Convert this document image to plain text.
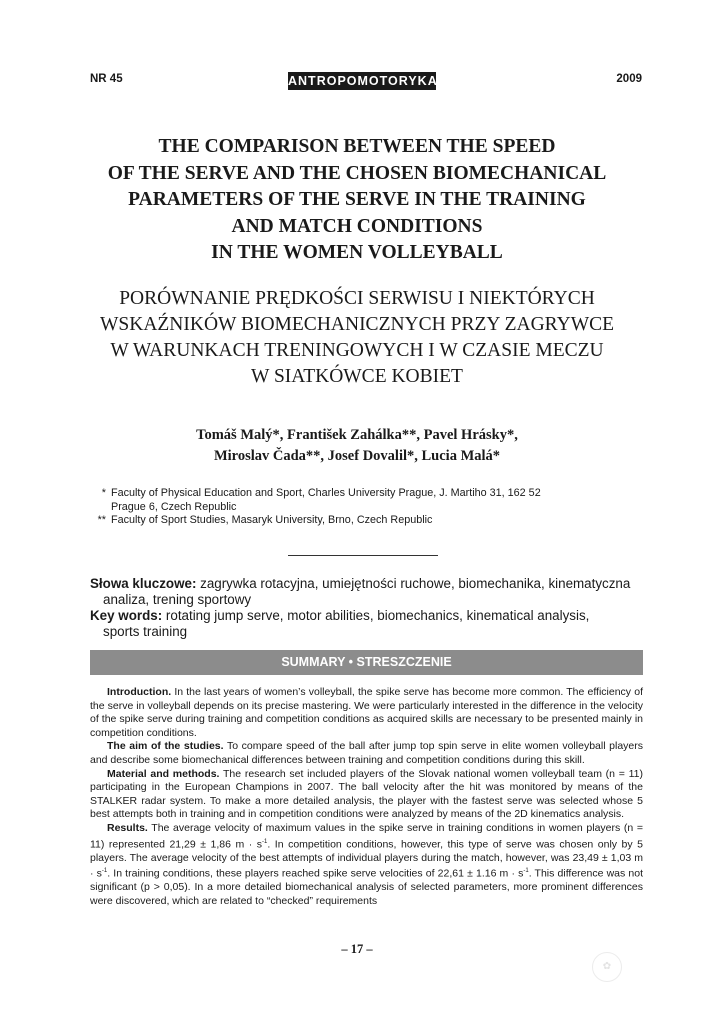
NR 45	ANTROPOMOTORYKA	2009
THE COMPARISON BETWEEN THE SPEED
OF THE SERVE AND THE CHOSEN BIOMECHANICAL
PARAMETERS OF THE SERVE IN THE TRAINING
AND MATCH CONDITIONS
IN THE WOMEN VOLLEYBALL
PORÓWNANIE PRĘDKOŚCI SERWISU I NIEKTÓRYCH
WSKAŹNIKÓW BIOMECHANICZNYCH PRZY ZAGRYWCE
W WARUNKACH TRENINGOWYCH I W CZASIE MECZU
W SIATKÓWCE KOBIET
Tomáš Malý*, František Zahálka**, Pavel Hrásky*,
Miroslav Čada**, Josef Dovalil*, Lucia Malá*
* Faculty of Physical Education and Sport, Charles University Prague, J. Martiho 31, 162 52
Prague 6, Czech Republic
** Faculty of Sport Studies, Masaryk University, Brno, Czech Republic
Słowa kluczowe: zagrywka rotacyjna, umiejętności ruchowe, biomechanika, kinematyczna
analiza, trening sportowy
Key words: rotating jump serve, motor abilities, biomechanics, kinematical analysis,
sports training
SUMMARY • STRESZCZENIE

Introduction. In the last years of women’s volleyball, the spike serve has become more common. The efficiency of the serve in volleyball depends on its precise mastering. We were particularly interested in the difference in the velocity of the spike serve during training and competition conditions as acquired skills are necessary to be presented mainly in competition conditions.

The aim of the studies. To compare speed of the ball after jump top spin serve in elite women volleyball players and describe some biomechanical differences between training and competition conditions during this skill.

Material and methods. The research set included players of the Slovak national women volleyball team (n = 11) participating in the European Champions in 2007. The ball velocity after the hit was monitored by means of the STALKER radar system. To make a more detailed analysis, the player with the fastest serve was selected whose 5 best attempts both in training and in competition conditions were analyzed by means of the 2D kinematics analysis.

Results. The average velocity of maximum values in the spike serve in training conditions in women players (n = 11) represented 21,29 ± 1,86 $m \cdot s^{-1}$. In competition conditions, however, this type of serve was chosen only by 5 players. The average velocity of the best attempts of individual players during the match, however, was 23,49 ± 1,03 $m \cdot s^{-1}$. In training conditions, these players reached spike serve velocities of 22,61 ± 1.16 $m \cdot s^{-1}$. This difference was not significant (p > 0,05). In a more detailed biomechanical analysis of selected parameters, more prominent differences were discovered, which are related to “checked” requirements

– 17 –
✿
